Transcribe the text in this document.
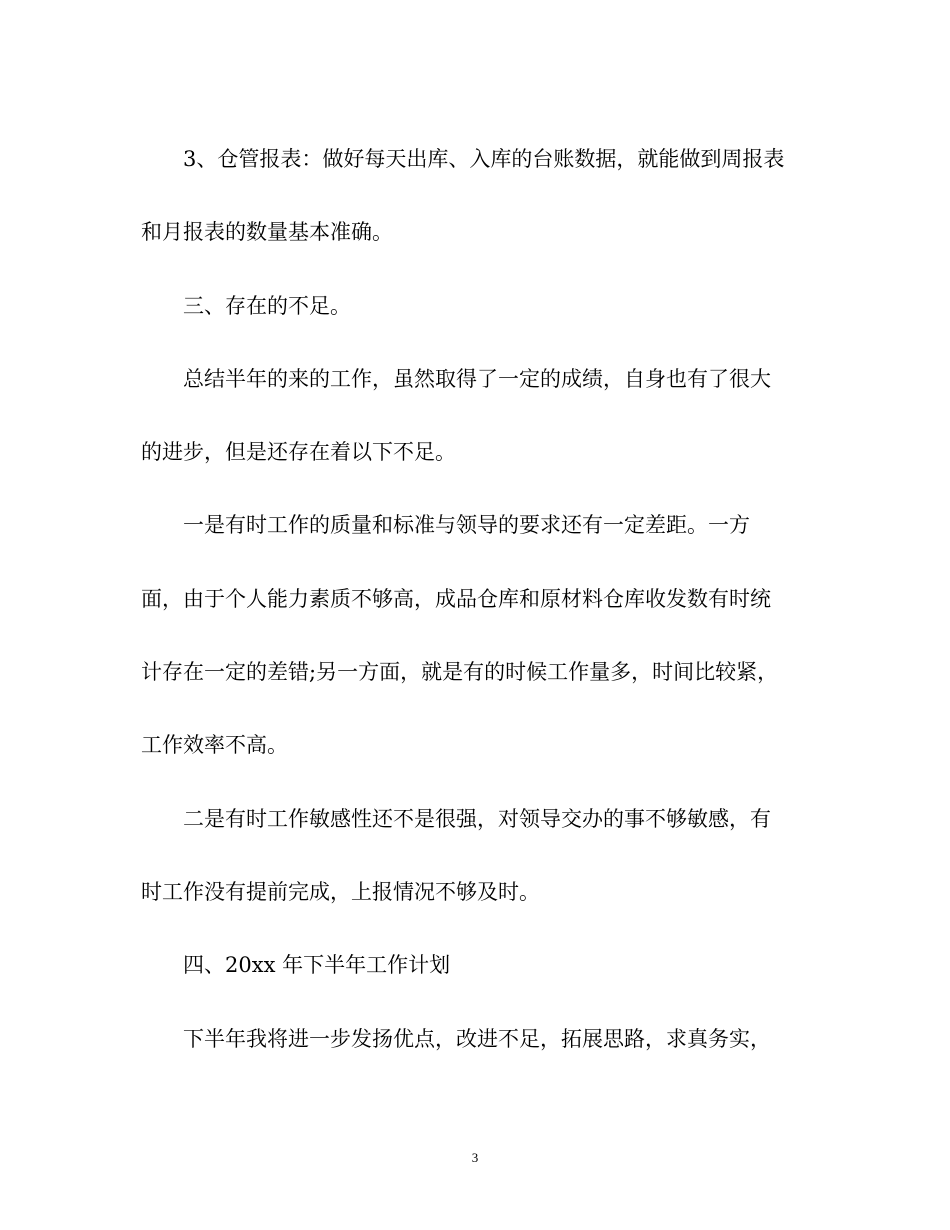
3、仓管报表：做好每天出库、入库的台账数据，就能做到周报表
和月报表的数量基本准确。
三、存在的不足。
总结半年的来的工作，虽然取得了一定的成绩，自身也有了很大
的进步，但是还存在着以下不足。
一是有时工作的质量和标准与领导的要求还有一定差距。一方
面，由于个人能力素质不够高，成品仓库和原材料仓库收发数有时统
计存在一定的差错;另一方面，就是有的时候工作量多，时间比较紧，
工作效率不高。
二是有时工作敏感性还不是很强，对领导交办的事不够敏感，有
时工作没有提前完成，上报情况不够及时。
四、20xx 年下半年工作计划
下半年我将进一步发扬优点，改进不足，拓展思路，求真务实，
3
